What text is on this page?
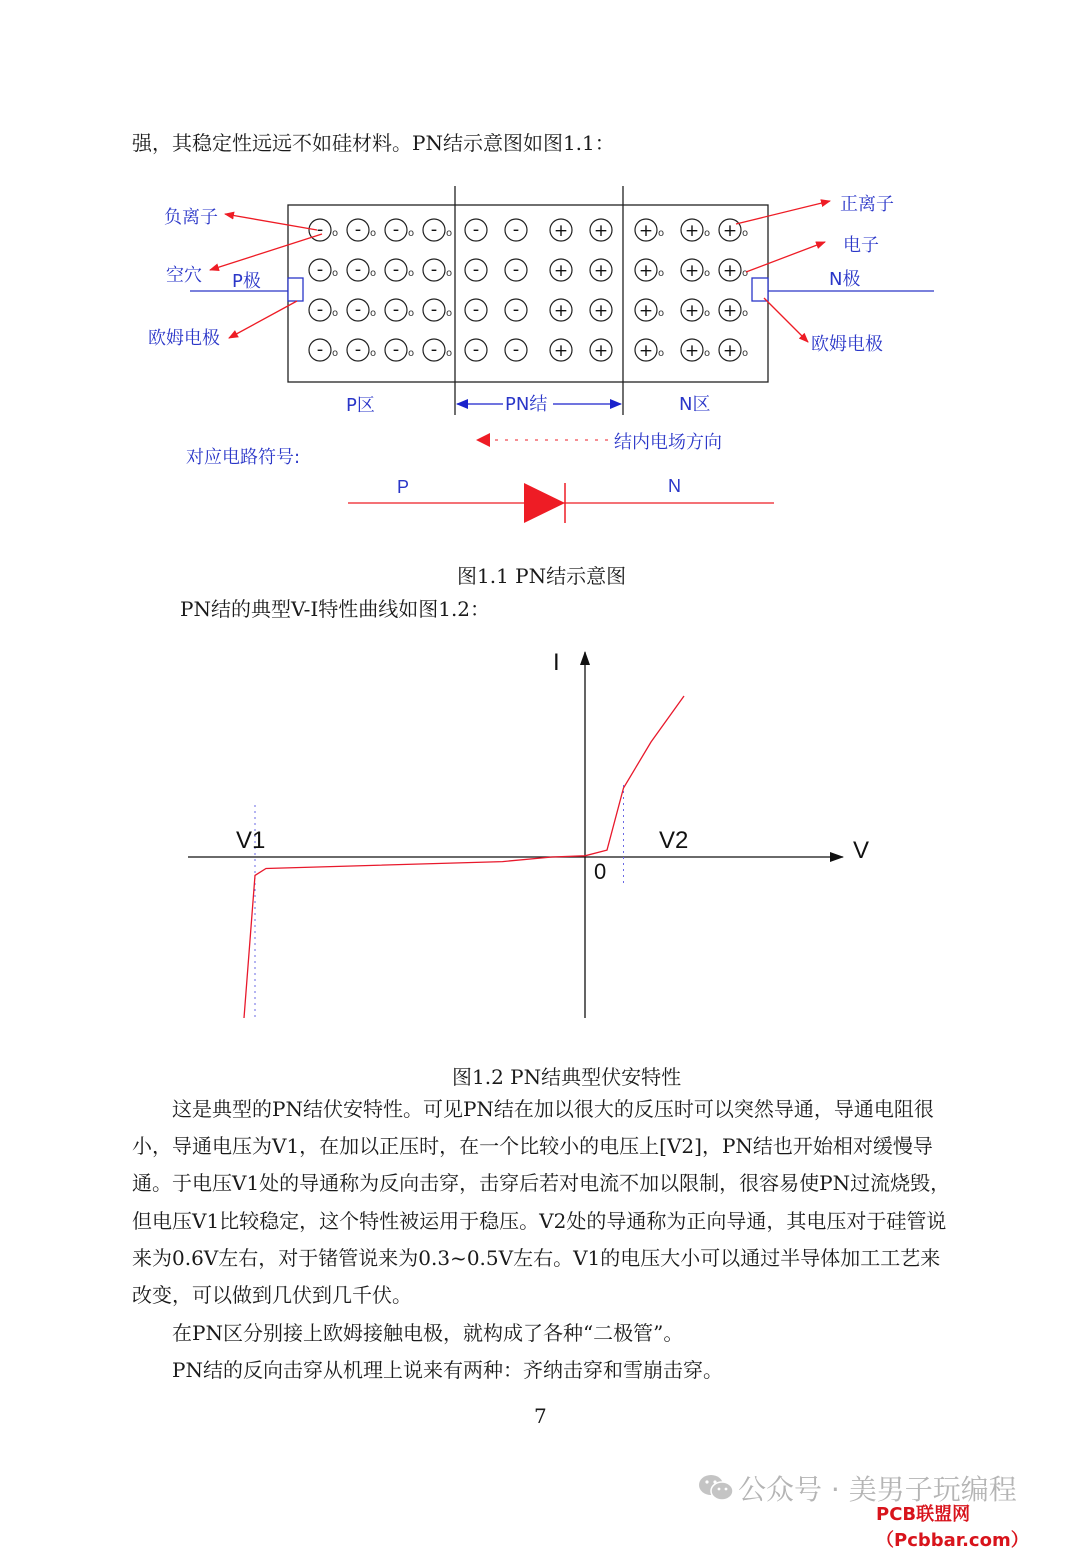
强，其稳定性远远不如硅材料。PN结示意图如图1.1：
- o - o - o - o - - + + + o + o + o
- o - o - o - o - - + + + o + o + o
- o - o - o - o - - + + + o + o + o
- o - o - o - o - - + + + o + o + o
负离子
空穴 P极
欧姆电极
正离子
电子
N极
欧姆电极
P区	N区
PN结
结内电场方向
对应电路符号:
P	N
图1.1 PN结示意图
PN结的典型V-I特性曲线如图1.2：
I
V
0
V1	V2
图1.2 PN结典型伏安特性
　　这是典型的PN结伏安特性。可见PN结在加以很大的反压时可以突然导通，导通电阻很小，导通电压为V1，在加以正压时，在一个比较小的电压上[V2]，PN结也开始相对缓慢导通。于电压V1处的导通称为反向击穿，击穿后若对电流不加以限制，很容易使PN过流烧毁，但电压V1比较稳定，这个特性被运用于稳压。V2处的导通称为正向导通，其电压对于硅管说来为0.6V左右，对于锗管说来为0.3~0.5V左右。V1的电压大小可以通过半导体加工工艺来改变，可以做到几伏到几千伏。
　　在PN区分别接上欧姆接触电极，就构成了各种“二极管”。
　　PN结的反向击穿从机理上说来有两种：齐纳击穿和雪崩击穿。
7
公众号 · 美男子玩编程
PCB联盟网（Pcbbar.com）
